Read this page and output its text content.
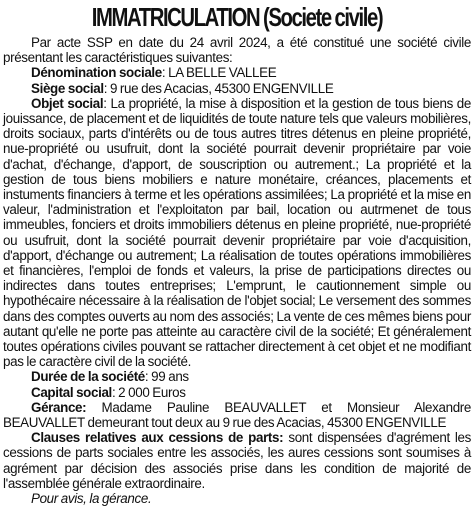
IMMATRICULATION (Societe civile)

Par acte SSP en date du 24 avril 2024, a été constitué une société civile présentant les caractéristiques suivantes:

Dénomination sociale: LA BELLE VALLEE

Siège social: 9 rue des Acacias, 45300 ENGENVILLE

Objet social: La propriété, la mise à disposition et la gestion de tous biens de jouissance, de placement et de liquidités de toute nature tels que valeurs mobilières, droits sociaux, parts d'intérêts ou de tous autres titres détenus en pleine propriété, nue-propriété ou usufruit, dont la société pourrait devenir propriétaire par voie d'achat, d'échange, d'apport, de souscription ou autrement.; La propriété et la gestion de tous biens mobiliers e nature monétaire, créances, placements et instuments financiers à terme et les opérations assimilées; La propriété et la mise en valeur, l'administration et l'exploitaton par bail, location ou autrmenet de tous immeubles, fonciers et droits immobiliers détenus en pleine propriété, nue-propriété ou usufruit, dont la société pourrait devenir propriétaire par voie d'acquisition, d'apport, d'échange ou autrement; La réalisation de toutes opérations immobilières et financières, l'emploi de fonds et valeurs, la prise de participations directes ou indirectes dans toutes entreprises; L'emprunt, le cautionnement simple ou hypothécaire nécessaire à la réalisation de l'objet social; Le versement des sommes dans des comptes ouverts au nom des associés; La vente de ces mêmes biens pour autant qu'elle ne porte pas atteinte au caractère civil de la société; Et généralement toutes opérations civiles pouvant se rattacher directement à cet objet et ne modifiant pas le caractère civil de la société.

Durée de la société: 99 ans

Capital social: 2 000 Euros

Gérance: Madame Pauline BEAUVALLET et Monsieur Alexandre BEAUVALLET demeurant tout deux au 9 rue des Acacias, 45300 ENGENVILLE

Clauses relatives aux cessions de parts: sont dispensées d'agrément les cessions de parts sociales entre les associés, les aures cessions sont soumises à agrément par décision des associés prise dans les condition de majorité de l'assemblée générale extraordinaire.

Pour avis, la gérance.
